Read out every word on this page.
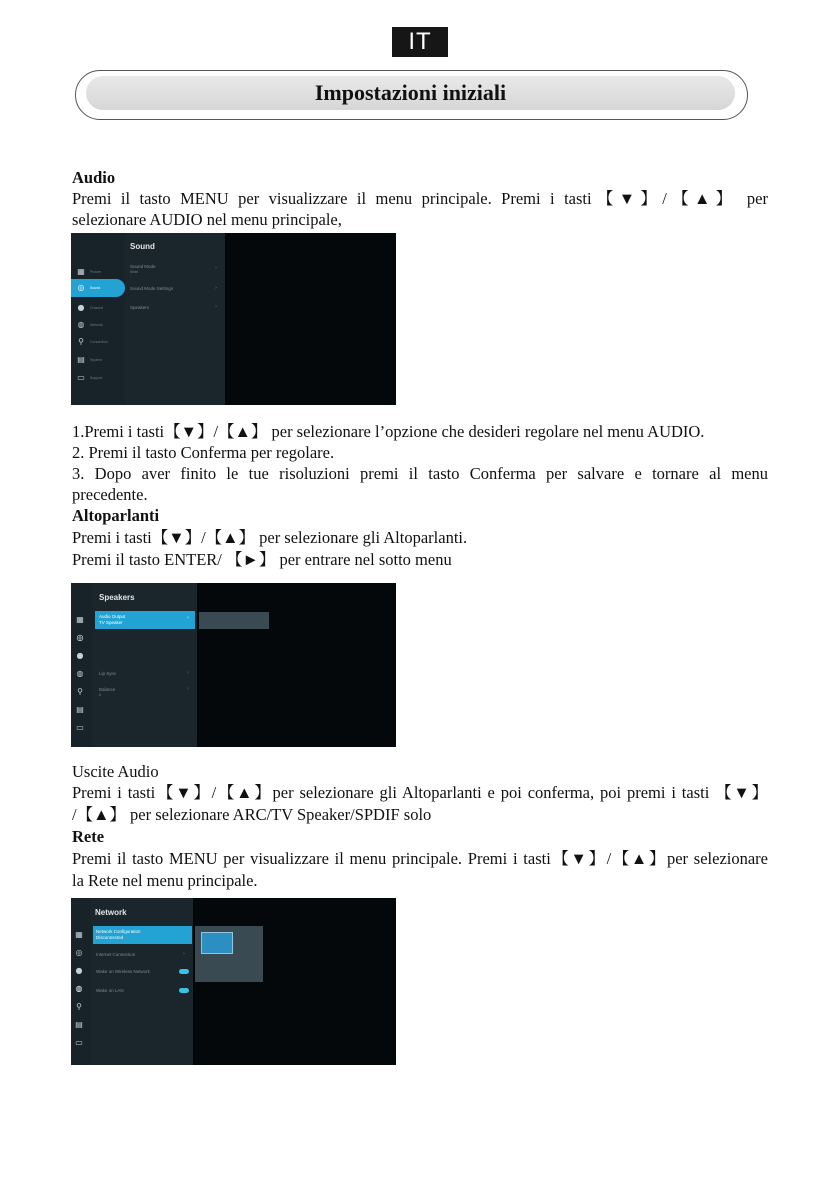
IT
Impostazioni iniziali

Audio

Premi il tasto MENU per visualizzare il menu principale. Premi i tasti【▼】/【▲】 per

selezionare AUDIO nel menu principale,

▦	Picture
◎	Sound
●	Channel
◍	Network
⚲	Connection
▤	System
▭	Support
Sound
Sound Mode
Vivid
›
Sound Mode Settings	›
Speakers	›

1.Premi i tasti【▼】/【▲】 per selezionare l’opzione che desideri regolare nel menu AUDIO.

2. Premi il tasto Conferma per regolare.

3. Dopo aver finito le tue risoluzioni premi il tasto Conferma per salvare e tornare al menu

precedente.

Altoparlanti

Premi i tasti【▼】/【▲】 per selezionare gli Altoparlanti.

Premi il tasto ENTER/ 【►】 per entrare nel sotto menu

▦
◎
●
◍
⚲
▤
▭
Speakers
Audio Output
TV Speaker
›
Lip Sync	›
Balance
0
›

Uscite Audio

Premi i tasti【▼】/【▲】per selezionare gli Altoparlanti e poi conferma, poi premi i tasti 【▼】

/【▲】 per selezionare ARC/TV Speaker/SPDIF solo

Rete

Premi il tasto MENU per visualizzare il menu principale. Premi i tasti【▼】/【▲】per selezionare

la Rete nel menu principale.

▦
◎
●
◍
⚲
▤
▭
Network
Network Configuration
Disconnected
Internet Connection	›
Wake on Wireless Network
Wake on LAN
